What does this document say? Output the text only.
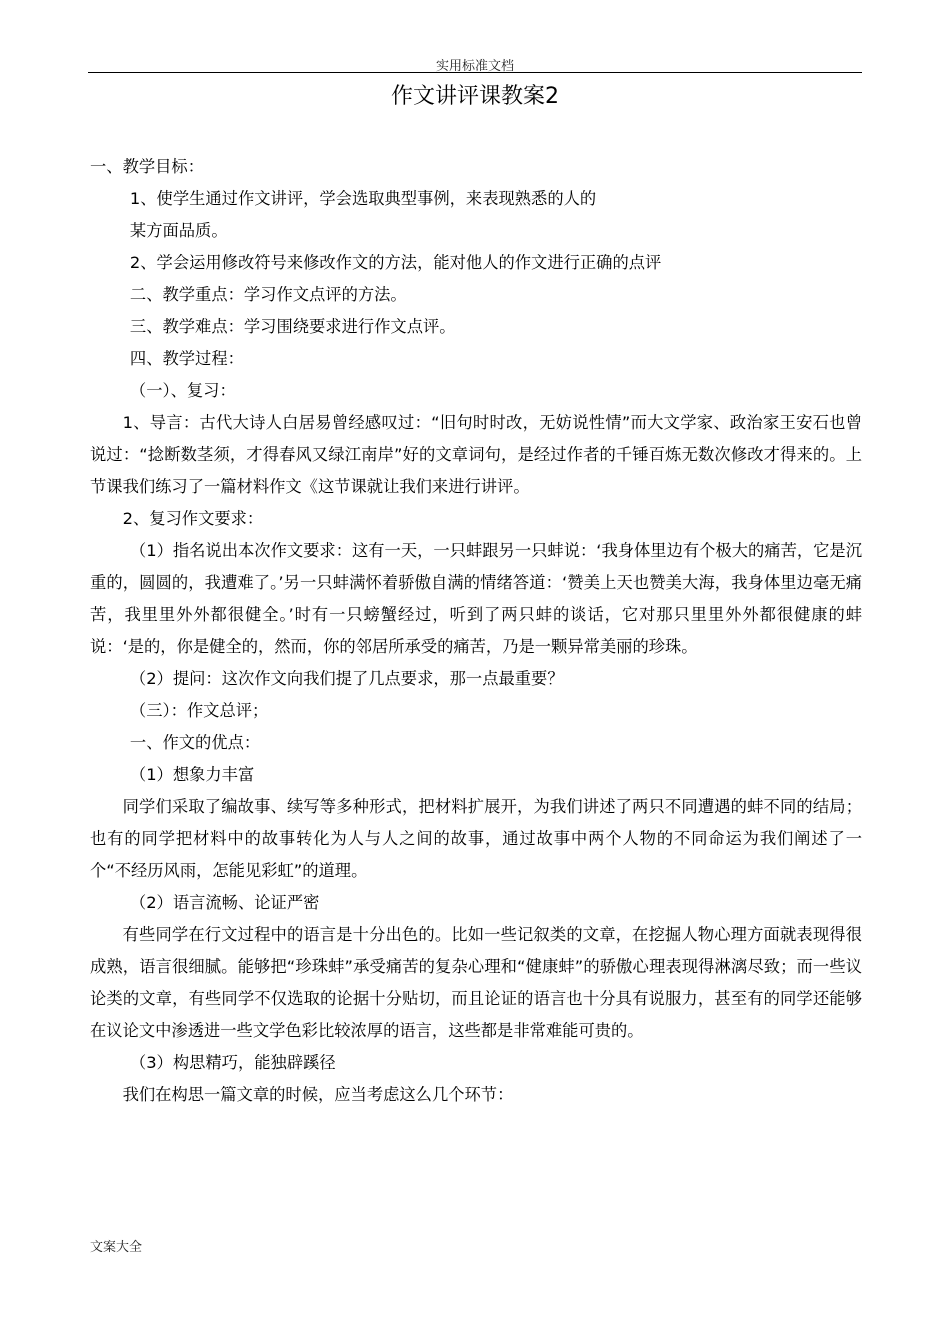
实用标准文档
作文讲评课教案2

一、教学目标：

1、使学生通过作文讲评，学会选取典型事例，来表现熟悉的人的

某方面品质。

2、学会运用修改符号来修改作文的方法，能对他人的作文进行正确的点评

二、教学重点：学习作文点评的方法。

三、教学难点：学习围绕要求进行作文点评。

四、教学过程：

（一）、复习：

1、导言：古代大诗人白居易曾经感叹过：“旧句时时改，无妨说性情”而大文学家、政治家王安石也曾说过：“捻断数茎须，才得春风又绿江南岸”好的文章词句，是经过作者的千锤百炼无数次修改才得来的。上节课我们练习了一篇材料作文《这节课就让我们来进行讲评。

2、复习作文要求：

（1）指名说出本次作文要求：这有一天，一只蚌跟另一只蚌说：‘我身体里边有个极大的痛苦，它是沉重的，圆圆的，我遭难了。’另一只蚌满怀着骄傲自满的情绪答道：‘赞美上天也赞美大海，我身体里边毫无痛苦，我里里外外都很健全。’时有一只螃蟹经过，听到了两只蚌的谈话，它对那只里里外外都很健康的蚌说：‘是的，你是健全的，然而，你的邻居所承受的痛苦，乃是一颗异常美丽的珍珠。

（2）提问：这次作文向我们提了几点要求，那一点最重要？

（三）：作文总评；

一、作文的优点：

（1）想象力丰富

同学们采取了编故事、续写等多种形式，把材料扩展开，为我们讲述了两只不同遭遇的蚌不同的结局；也有的同学把材料中的故事转化为人与人之间的故事，通过故事中两个人物的不同命运为我们阐述了一个“不经历风雨，怎能见彩虹”的道理。

（2）语言流畅、论证严密

有些同学在行文过程中的语言是十分出色的。比如一些记叙类的文章，在挖掘人物心理方面就表现得很成熟，语言很细腻。能够把“珍珠蚌”承受痛苦的复杂心理和“健康蚌”的骄傲心理表现得淋漓尽致；而一些议论类的文章，有些同学不仅选取的论据十分贴切，而且论证的语言也十分具有说服力，甚至有的同学还能够在议论文中渗透进一些文学色彩比较浓厚的语言，这些都是非常难能可贵的。

（3）构思精巧，能独辟蹊径

我们在构思一篇文章的时候，应当考虑这么几个环节：

文案大全
